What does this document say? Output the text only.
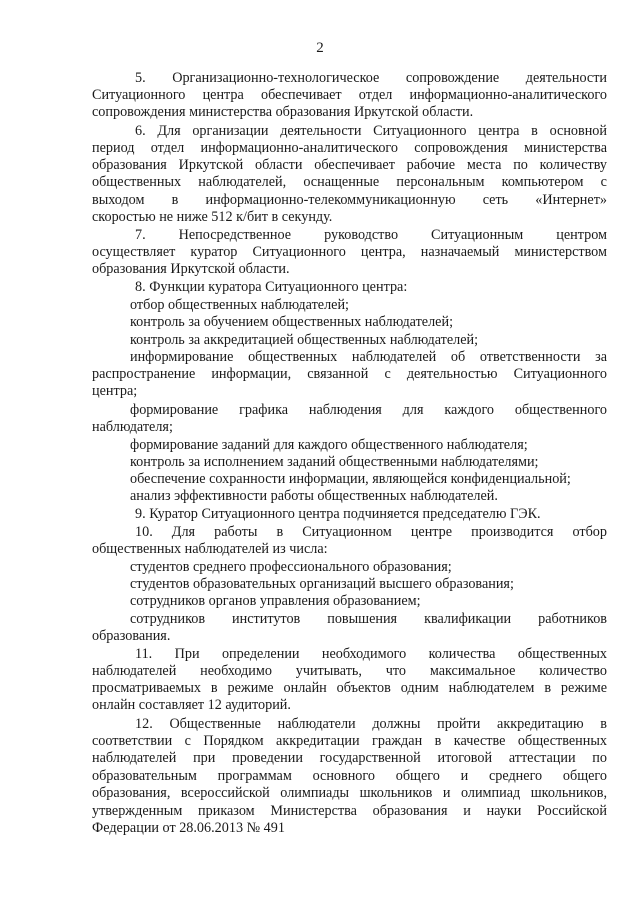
2
5. Организационно-технологическое сопровождение деятельности
Ситуационного центра обеспечивает отдел информационно-аналитического
сопровождения министерства образования Иркутской области.
6. Для организации деятельности Ситуационного центра в основной
период отдел информационно-аналитического сопровождения министерства
образования Иркутской области обеспечивает рабочие места по количеству
общественных наблюдателей, оснащенные персональным компьютером с
выходом в информационно-телекоммуникационную сеть «Интернет»
скоростью не ниже 512 к/бит в секунду.
7. Непосредственное руководство Ситуационным центром
осуществляет куратор Ситуационного центра, назначаемый министерством
образования Иркутской области.
8. Функции куратора Ситуационного центра:
отбор общественных наблюдателей;
контроль за обучением общественных наблюдателей;
контроль за аккредитацией общественных наблюдателей;
информирование общественных наблюдателей об ответственности за
распространение информации, связанной с деятельностью Ситуационного
центра;
формирование графика наблюдения для каждого общественного
наблюдателя;
формирование заданий для каждого общественного наблюдателя;
контроль за исполнением заданий общественными наблюдателями;
обеспечение сохранности информации, являющейся конфиденциальной;
анализ эффективности работы общественных наблюдателей.
9. Куратор Ситуационного центра подчиняется председателю ГЭК.
10. Для работы в Ситуационном центре производится отбор
общественных наблюдателей из числа:
студентов среднего профессионального образования;
студентов образовательных организаций высшего образования;
сотрудников органов управления образованием;
сотрудников институтов повышения квалификации работников
образования.
11. При определении необходимого количества общественных
наблюдателей необходимо учитывать, что максимальное количество
просматриваемых в режиме онлайн объектов одним наблюдателем в режиме
онлайн составляет 12 аудиторий.
12. Общественные наблюдатели должны пройти аккредитацию в
соответствии с Порядком аккредитации граждан в качестве общественных
наблюдателей при проведении государственной итоговой аттестации по
образовательным программам основного общего и среднего общего
образования, всероссийской олимпиады школьников и олимпиад школьников,
утвержденным приказом Министерства образования и науки Российской
Федерации от 28.06.2013 № 491
